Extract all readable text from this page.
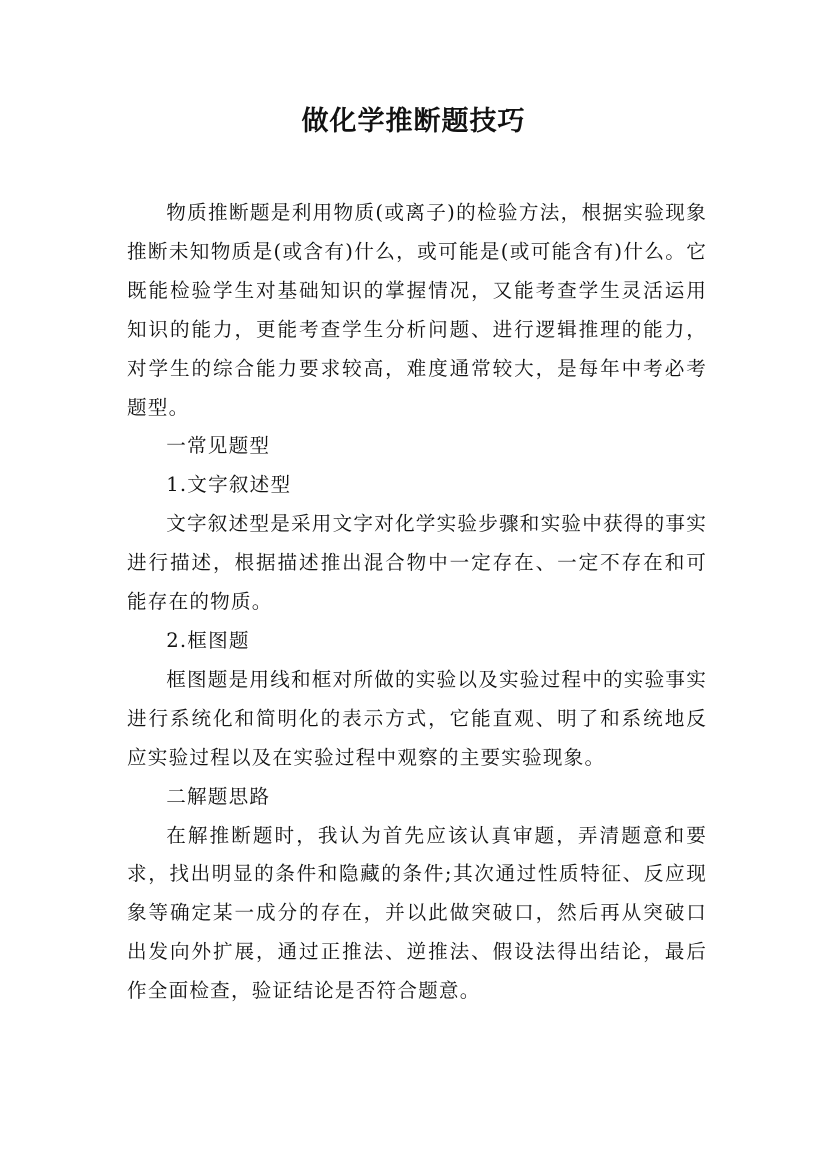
做化学推断题技巧

物质推断题是利用物质(或离子)的检验方法，根据实验现象推断未知物质是(或含有)什么，或可能是(或可能含有)什么。它既能检验学生对基础知识的掌握情况，又能考查学生灵活运用知识的能力，更能考查学生分析问题、进行逻辑推理的能力，对学生的综合能力要求较高，难度通常较大，是每年中考必考题型。

一常见题型

1.文字叙述型

文字叙述型是采用文字对化学实验步骤和实验中获得的事实进行描述，根据描述推出混合物中一定存在、一定不存在和可能存在的物质。

2.框图题

框图题是用线和框对所做的实验以及实验过程中的实验事实进行系统化和简明化的表示方式，它能直观、明了和系统地反应实验过程以及在实验过程中观察的主要实验现象。

二解题思路

在解推断题时，我认为首先应该认真审题，弄清题意和要求，找出明显的条件和隐藏的条件;其次通过性质特征、反应现象等确定某一成分的存在，并以此做突破口，然后再从突破口出发向外扩展，通过正推法、逆推法、假设法得出结论，最后作全面检查，验证结论是否符合题意。
